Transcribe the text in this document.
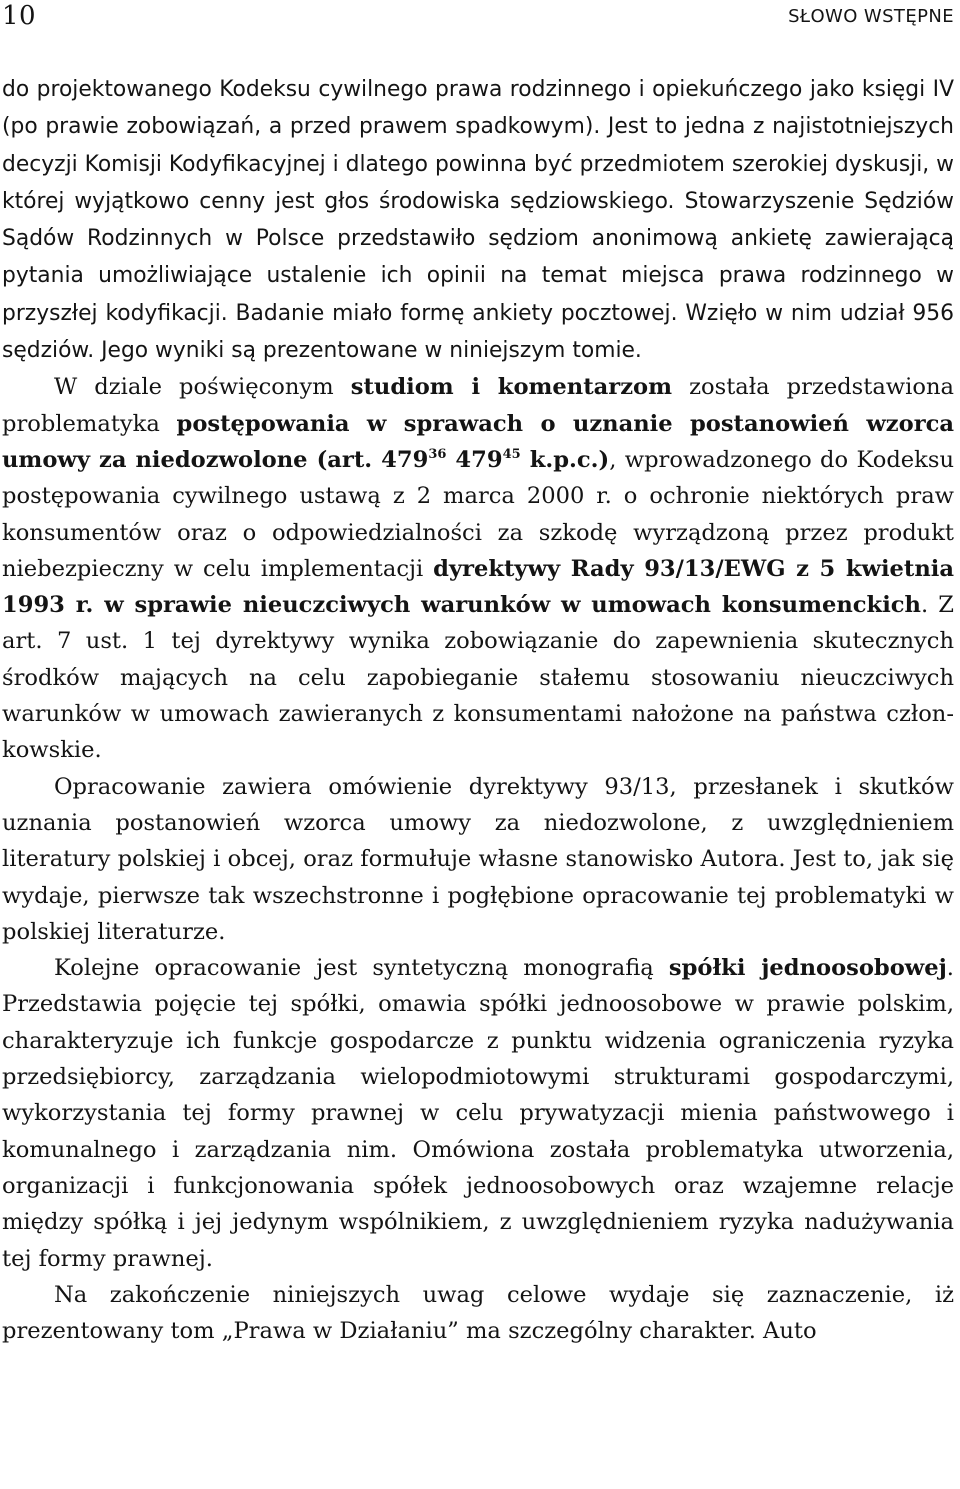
10	SŁOWO WSTĘPNE

do projektowanego Kodeksu cywilnego prawa rodzinnego i opiekuńczego jako księgi IV (po prawie zobowiązań, a przed prawem spadkowym). Jest to jedna z najistotniejszych decyzji Komisji Kodyfikacyjnej i dlatego powinna być przedmiotem szerokiej dyskusji, w której wyjątkowo cenny jest głos środowiska sędziowskiego. Stowarzyszenie Sędziów Sądów Rodzinnych w Polsce przedstawiło sędziom anonimową ankietę zawierającą pytania umożliwiające ustalenie ich opinii na temat miejsca prawa rodzinnego w przyszłej kodyfikacji. Badanie miało formę ankiety pocztowej. Wzięło w nim udział 956 sędziów. Jego wyniki są prezentowane w niniejszym tomie.

W dziale poświęconym studiom i komentarzom została przedstawiona problematyka postępowania w sprawach o uznanie postanowień wzorca umowy za niedozwolone (art. $479^{36}$ $479^{45}$ k.p.c.), wprowadzonego do Kodeksu postępowania cywilnego ustawą z 2 marca 2000 r. o ochronie niektórych praw konsumentów oraz o odpowiedzialności za szkodę wyrządzoną przez produkt niebezpieczny w celu implementacji dyrektywy Rady 93/13/EWG z 5 kwietnia 1993 r. w sprawie nieuczciwych warunków w umowach konsumenckich. Z art. 7 ust. 1 tej dyrektywy wynika zobowiązanie do zapewnienia skutecznych środków mających na celu zapobieganie stałemu stosowaniu nieuczciwych warunków w umowach zawieranych z konsumentami nałożone na państwa członkowskie.

Opracowanie zawiera omówienie dyrektywy 93/13, przesłanek i skutków uznania postanowień wzorca umowy za niedozwolone, z uwzględnieniem literatury polskiej i obcej, oraz formułuje własne stanowisko Autora. Jest to, jak się wydaje, pierwsze tak wszechstronne i pogłębione opracowanie tej problematyki w polskiej literaturze.

Kolejne opracowanie jest syntetyczną monografią spółki jednoosobowej. Przedstawia pojęcie tej spółki, omawia spółki jednoosobowe w prawie polskim, charakteryzuje ich funkcje gospodarcze z punktu widzenia ograniczenia ryzyka przedsiębiorcy, zarządzania wielopodmiotowymi strukturami gospodarczymi, wykorzystania tej formy prawnej w celu prywatyzacji mienia państwowego i komunalnego i zarządzania nim. Omówiona została problematyka utworzenia, organizacji i funkcjonowania spółek jednoosobowych oraz wzajemne relacje między spółką i jej jedynym wspólnikiem, z uwzględnieniem ryzyka nadużywania tej formy prawnej.

Na zakończenie niniejszych uwag celowe wydaje się zaznaczenie, iż prezentowany tom „Prawa w Działaniu” ma szczególny charakter. Auto
